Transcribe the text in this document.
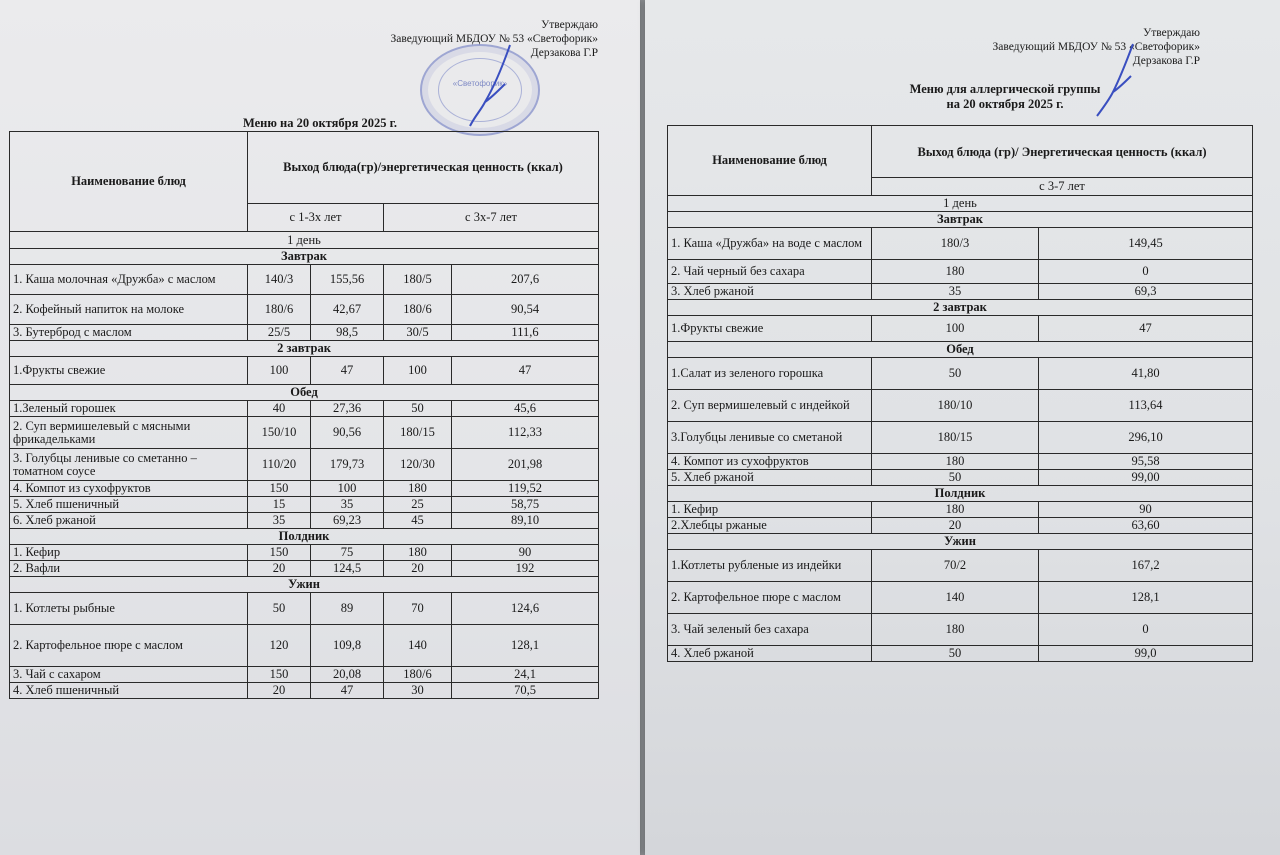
Утверждаю
Заведующий МБДОУ № 53 «Светофорик»
Дерзакова Г.Р
«Светофорик»
Меню на 20 октября 2025 г.
Наименование блюд	Выход блюда(гр)/энергетическая ценность (ккал)			
	с 1-3х лет		с 3х-7 лет	
1 день				
Завтрак				
1. Каша молочная «Дружба» с маслом	140/3	155,56	180/5	207,6
2. Кофейный напиток на молоке	180/6	42,67	180/6	90,54
3. Бутерброд с маслом	25/5	98,5	30/5	111,6
2 завтрак				
1.Фрукты свежие	100	47	100	47
Обед				
1.Зеленый горошек	40	27,36	50	45,6
2. Суп вермишелевый с мясными фрикадельками	150/10	90,56	180/15	112,33
3. Голубцы ленивые со сметанно –томатном соусе	110/20	179,73	120/30	201,98
4. Компот из сухофруктов	150	100	180	119,52
5. Хлеб пшеничный	15	35	25	58,75
6. Хлеб ржаной	35	69,23	45	89,10
Полдник				
1. Кефир	150	75	180	90
2. Вафли	20	124,5	20	192
Ужин				
1. Котлеты рыбные	50	89	70	124,6
2. Картофельное пюре с маслом	120	109,8	140	128,1
3. Чай с сахаром	150	20,08	180/6	24,1
4. Хлеб пшеничный	20	47	30	70,5
Утверждаю
Заведующий МБДОУ № 53 «Светофорик»
Дерзакова Г.Р
Меню для аллергической группы
на 20 октября 2025 г.
Наименование блюд	Выход блюда (гр)/ Энергетическая ценность (ккал)	
	с 3-7 лет	
1 день		
Завтрак		
1. Каша «Дружба» на воде с маслом	180/3	149,45
2. Чай черный без сахара	180	0
3. Хлеб ржаной	35	69,3
2 завтрак		
1.Фрукты свежие	100	47
Обед		
1.Салат из зеленого горошка	50	41,80
2. Суп вермишелевый с индейкой	180/10	113,64
3.Голубцы ленивые со сметаной	180/15	296,10
4. Компот из сухофруктов	180	95,58
5. Хлеб ржаной	50	99,00
Полдник		
1. Кефир	180	90
2.Хлебцы ржаные	20	63,60
Ужин		
1.Котлеты рубленые из индейки	70/2	167,2
2. Картофельное пюре с маслом	140	128,1
3. Чай зеленый без сахара	180	0
4. Хлеб ржаной	50	99,0
